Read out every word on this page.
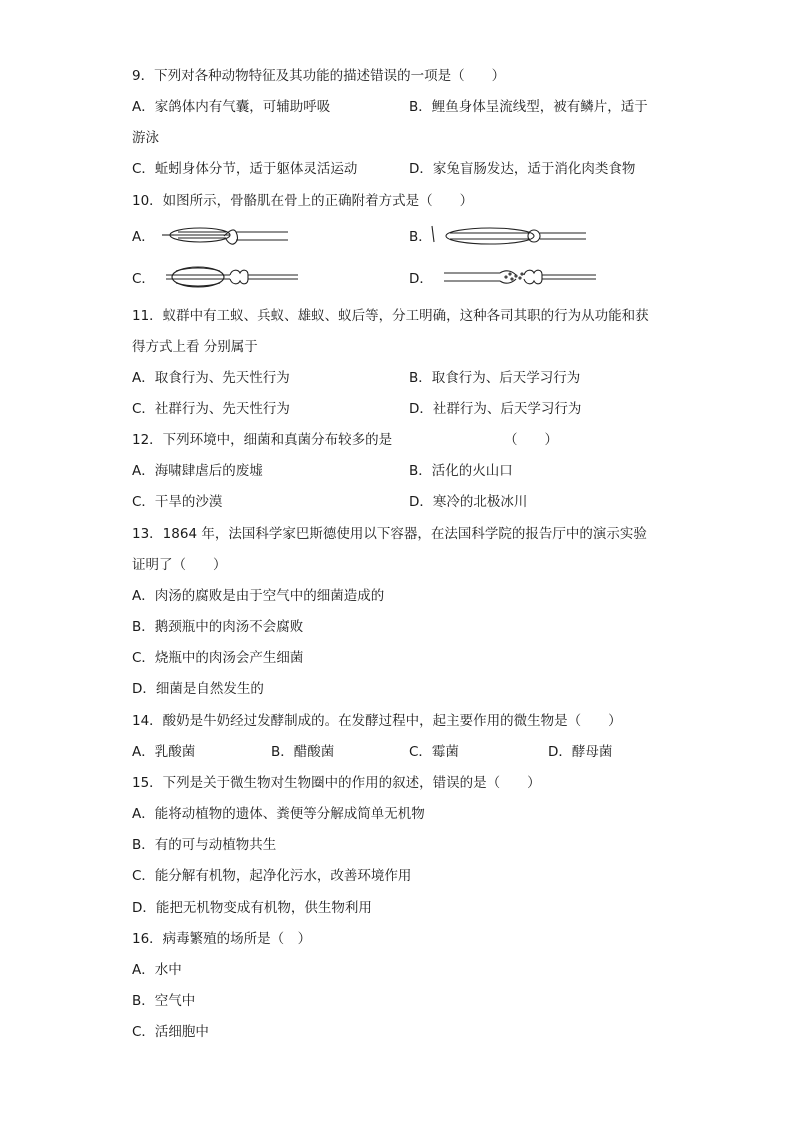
9．下列对各种动物特征及其功能的描述错误的一项是（　　）
A．家鸽体内有气囊，可辅助呼吸	B．鲤鱼身体呈流线型，被有鳞片，适于
游泳
C．蚯蚓身体分节，适于躯体灵活运动	D．家兔盲肠发达，适于消化肉类食物
10．如图所示，骨骼肌在骨上的正确附着方式是（　　）
A．	B．
C．	D．
11．蚁群中有工蚁、兵蚁、雄蚁、蚁后等，分工明确，这种各司其职的行为从功能和获
得方式上看 分别属于
A．取食行为、先天性行为	B．取食行为、后天学习行为
C．社群行为、先天性行为	D．社群行为、后天学习行为
12．下列环境中，细菌和真菌分布较多的是	（　　）
A．海啸肆虐后的废墟	B．活化的火山口
C．干旱的沙漠	D．寒冷的北极冰川
13．1864 年，法国科学家巴斯德使用以下容器，在法国科学院的报告厅中的演示实验
证明了（　　）
A．肉汤的腐败是由于空气中的细菌造成的
B．鹅颈瓶中的肉汤不会腐败
C．烧瓶中的肉汤会产生细菌
D．细菌是自然发生的
14．酸奶是牛奶经过发酵制成的。在发酵过程中，起主要作用的微生物是（　　）
A．乳酸菌	B．醋酸菌	C．霉菌	D．酵母菌
15．下列是关于微生物对生物圈中的作用的叙述，错误的是（　　）
A．能将动植物的遗体、粪便等分解成简单无机物
B．有的可与动植物共生
C．能分解有机物，起净化污水，改善环境作用
D．能把无机物变成有机物，供生物利用
16．病毒繁殖的场所是（　）
A．水中
B．空气中
C．活细胞中
